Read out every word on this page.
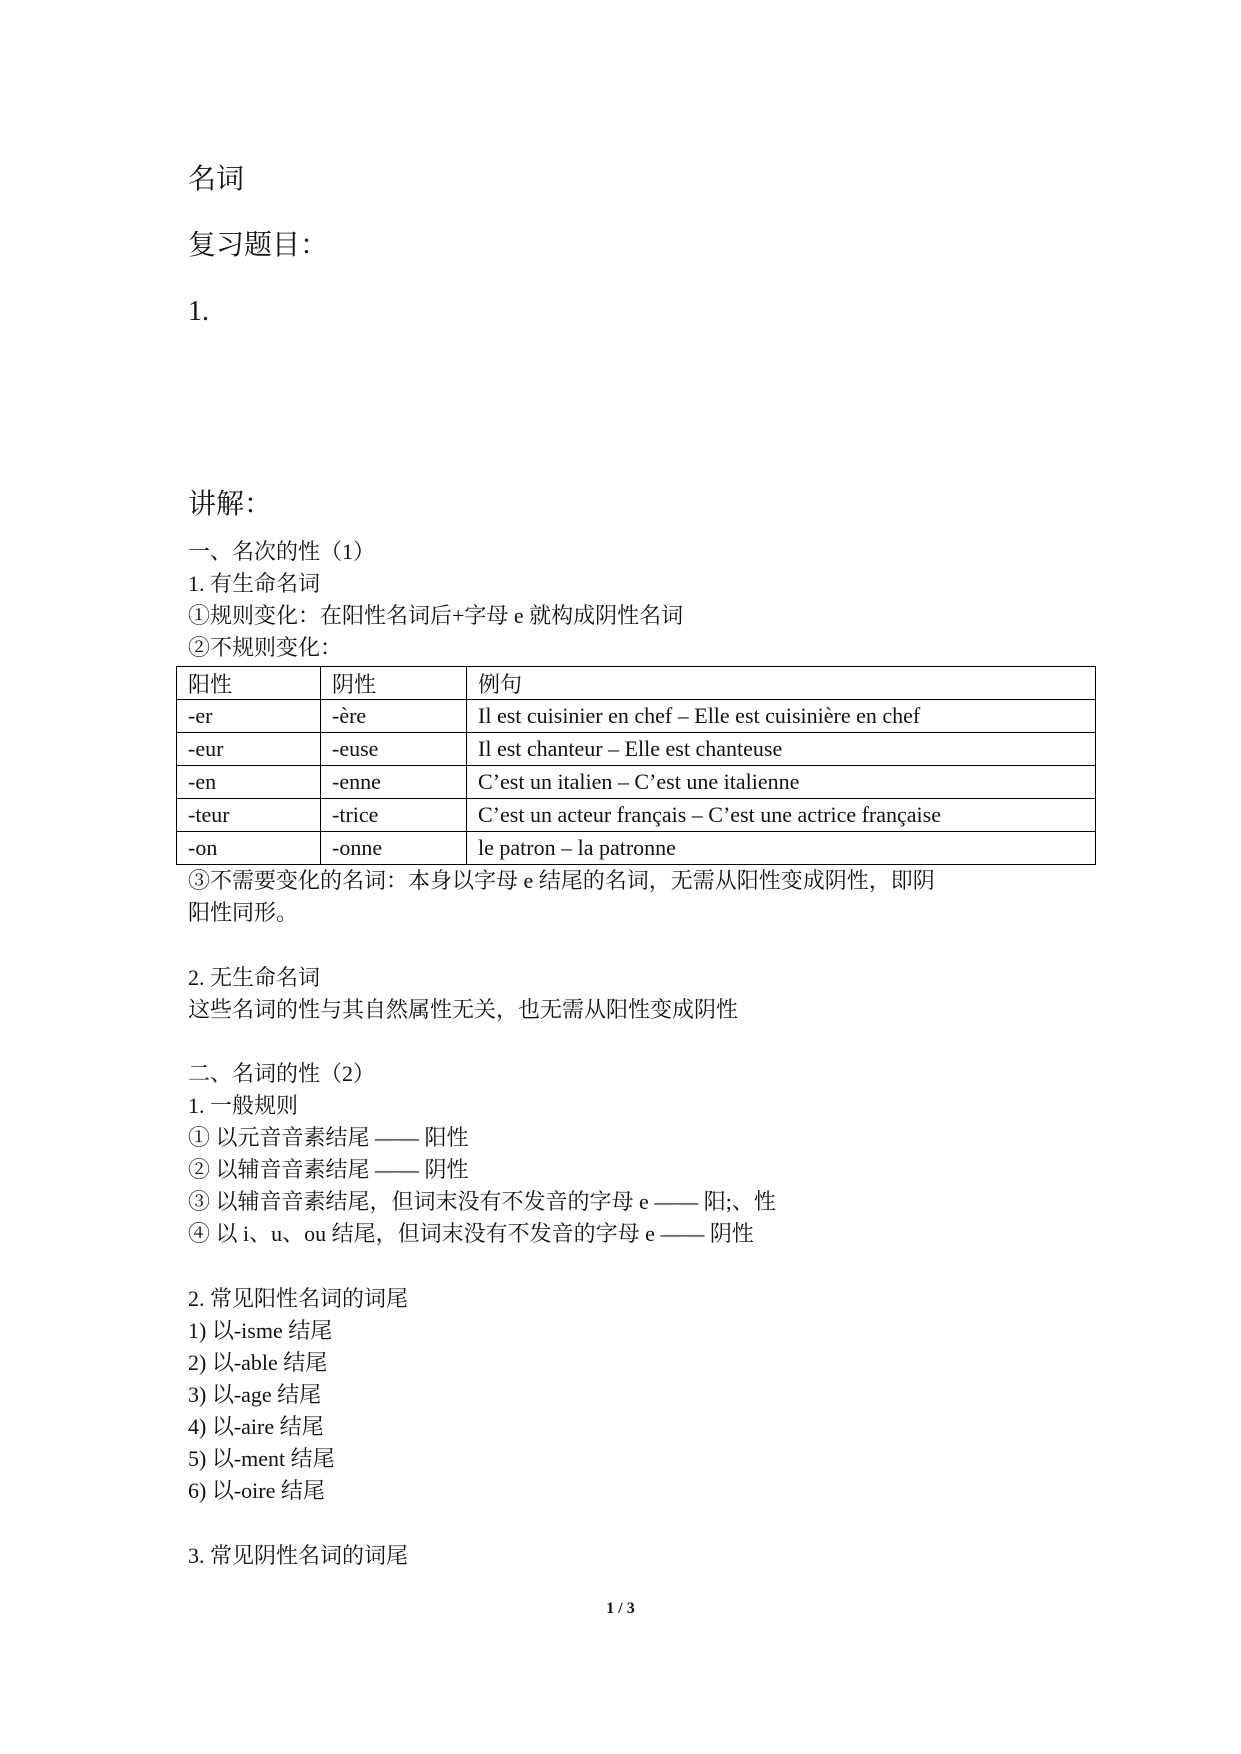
名词
复习题目：
1.
讲解：
一、名次的性（1）
1. 有生命名词
①规则变化：在阳性名词后+字母 e 就构成阴性名词
②不规则变化：
阳性	阴性	例句
-er	-ère	Il est cuisinier en chef – Elle est cuisinière en chef
-eur	-euse	Il est chanteur – Elle est chanteuse
-en	-enne	C’est un italien – C’est une italienne
-teur	-trice	C’est un acteur français – C’est une actrice française
-on	-onne	le patron – la patronne
③不需要变化的名词：本身以字母 e 结尾的名词，无需从阳性变成阴性，即阴
阳性同形。
2. 无生命名词
这些名词的性与其自然属性无关，也无需从阳性变成阴性
二、名词的性（2）
1. 一般规则
① 以元音音素结尾 —— 阳性
② 以辅音音素结尾 —— 阴性
③ 以辅音音素结尾，但词末没有不发音的字母 e —— 阳;、性
④ 以 i、u、ou 结尾，但词末没有不发音的字母 e —— 阴性
2. 常见阳性名词的词尾
1) 以-isme 结尾
2) 以-able 结尾
3) 以-age 结尾
4) 以-aire 结尾
5) 以-ment 结尾
6) 以-oire 结尾
3. 常见阴性名词的词尾
1 / 3
